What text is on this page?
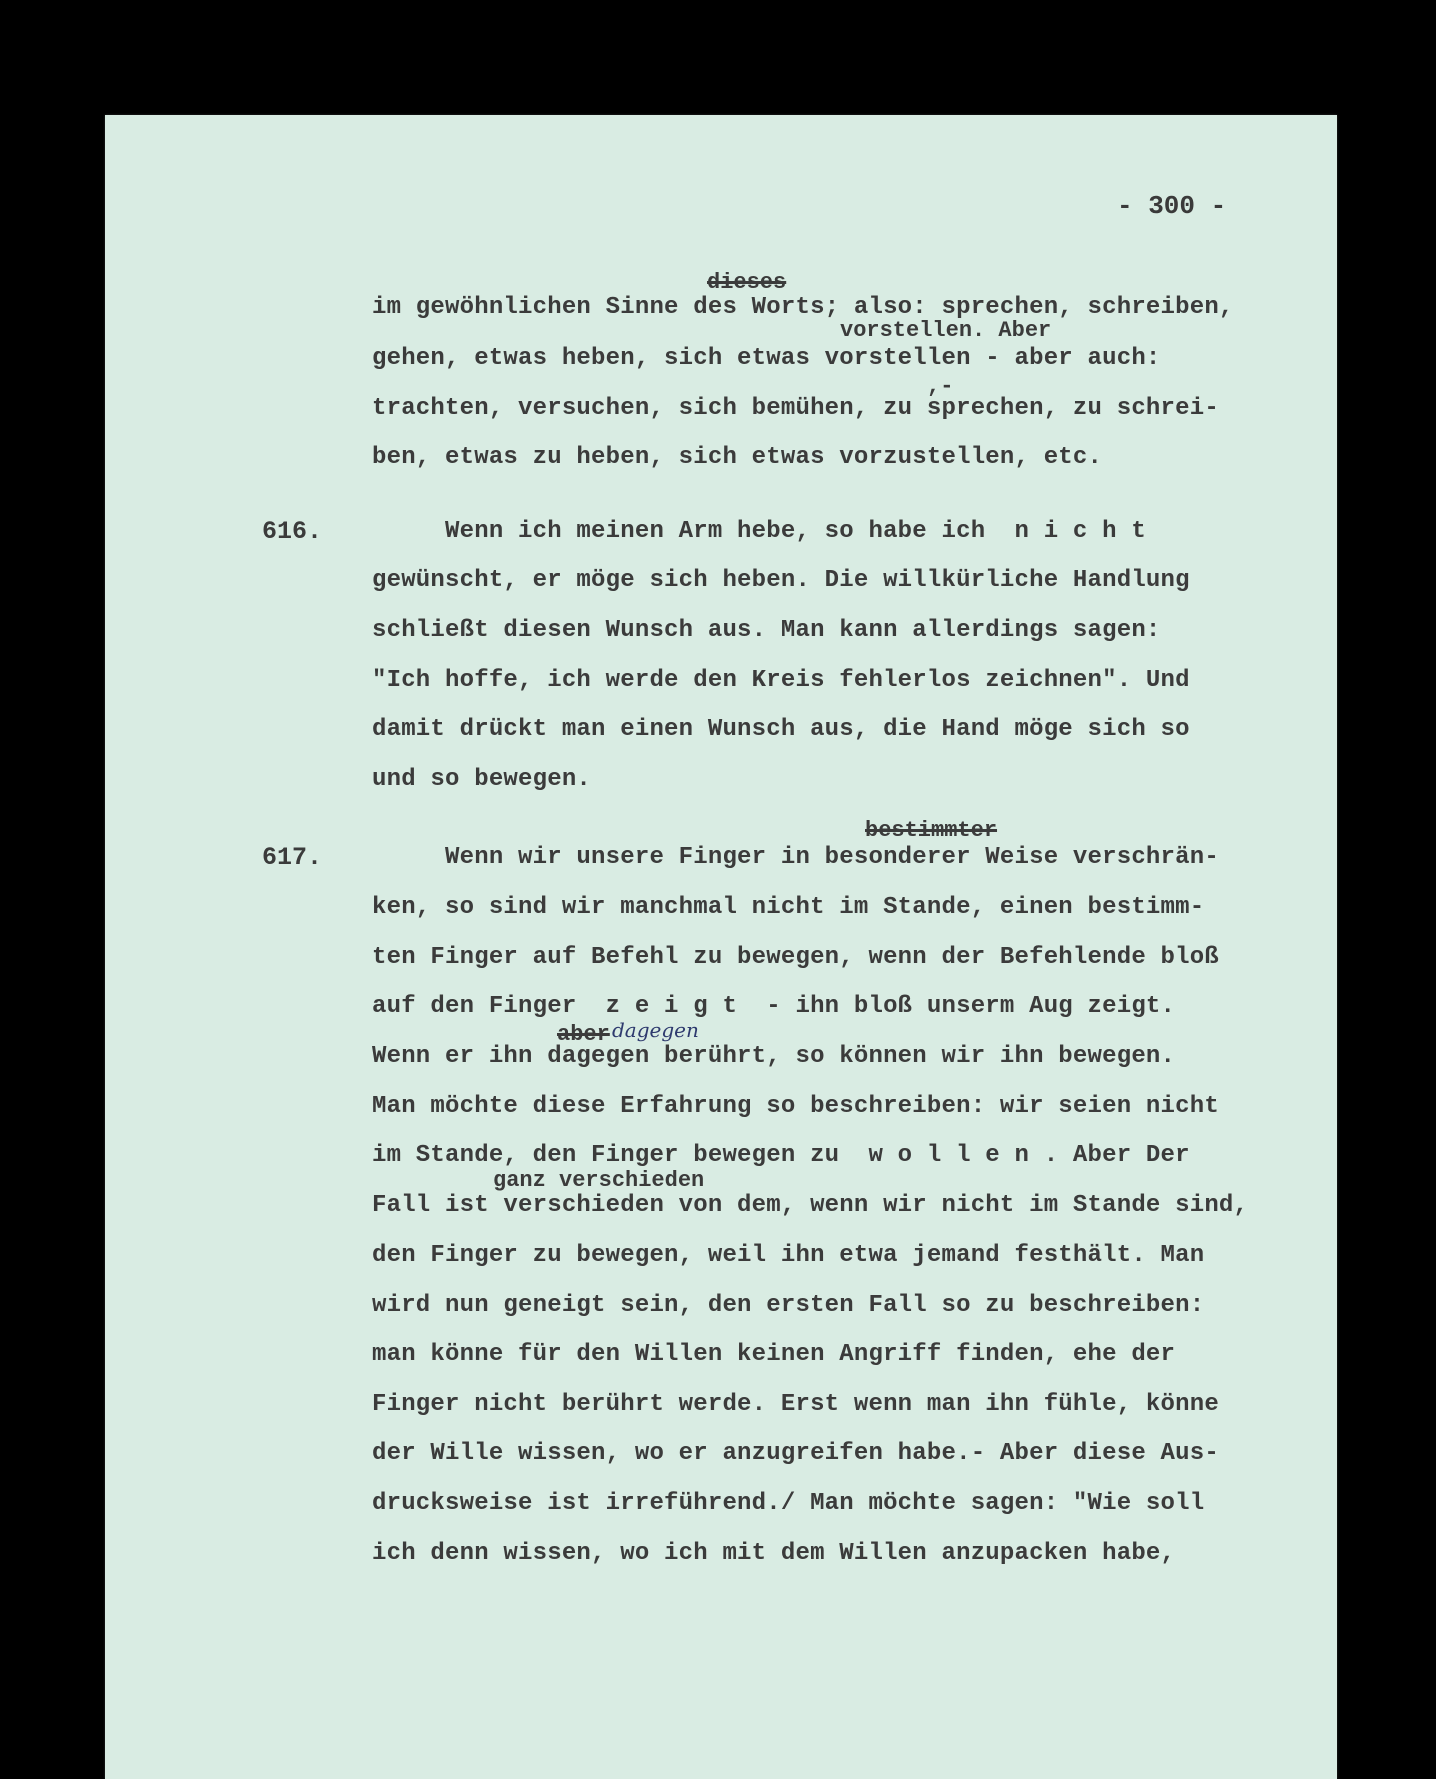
- 300 -
dieses
im gewöhnlichen Sinne des Worts; also: sprechen, schreiben,
vorstellen. Aber
gehen, etwas heben, sich etwas vorstellen - aber auch:
,-
trachten, versuchen, sich bemühen, zu sprechen, zu schrei-
ben, etwas zu heben, sich etwas vorzustellen, etc.
616. Wenn ich meinen Arm hebe, so habe ich  n i c h t
gewünscht, er möge sich heben. Die willkürliche Handlung
schließt diesen Wunsch aus. Man kann allerdings sagen:
"Ich hoffe, ich werde den Kreis fehlerlos zeichnen". Und
damit drückt man einen Wunsch aus, die Hand möge sich so
und so bewegen.
bestimmter
617. Wenn wir unsere Finger in besonderer Weise verschrän-
ken, so sind wir manchmal nicht im Stande, einen bestimm-
ten Finger auf Befehl zu bewegen, wenn der Befehlende bloß
auf den Finger  z e i g t  - ihn bloß unserm Aug zeigt.
aber dagegen
Wenn er ihn dagegen berührt, so können wir ihn bewegen.
Man möchte diese Erfahrung so beschreiben: wir seien nicht
im Stande, den Finger bewegen zu  w o l l e n . Aber Der
ganz verschieden
Fall ist verschieden von dem, wenn wir nicht im Stande sind,
den Finger zu bewegen, weil ihn etwa jemand festhält. Man
wird nun geneigt sein, den ersten Fall so zu beschreiben:
man könne für den Willen keinen Angriff finden, ehe der
Finger nicht berührt werde. Erst wenn man ihn fühle, könne
der Wille wissen, wo er anzugreifen habe.- Aber diese Aus-
drucksweise ist irreführend./ Man möchte sagen: "Wie soll
ich denn wissen, wo ich mit dem Willen anzupacken habe,
